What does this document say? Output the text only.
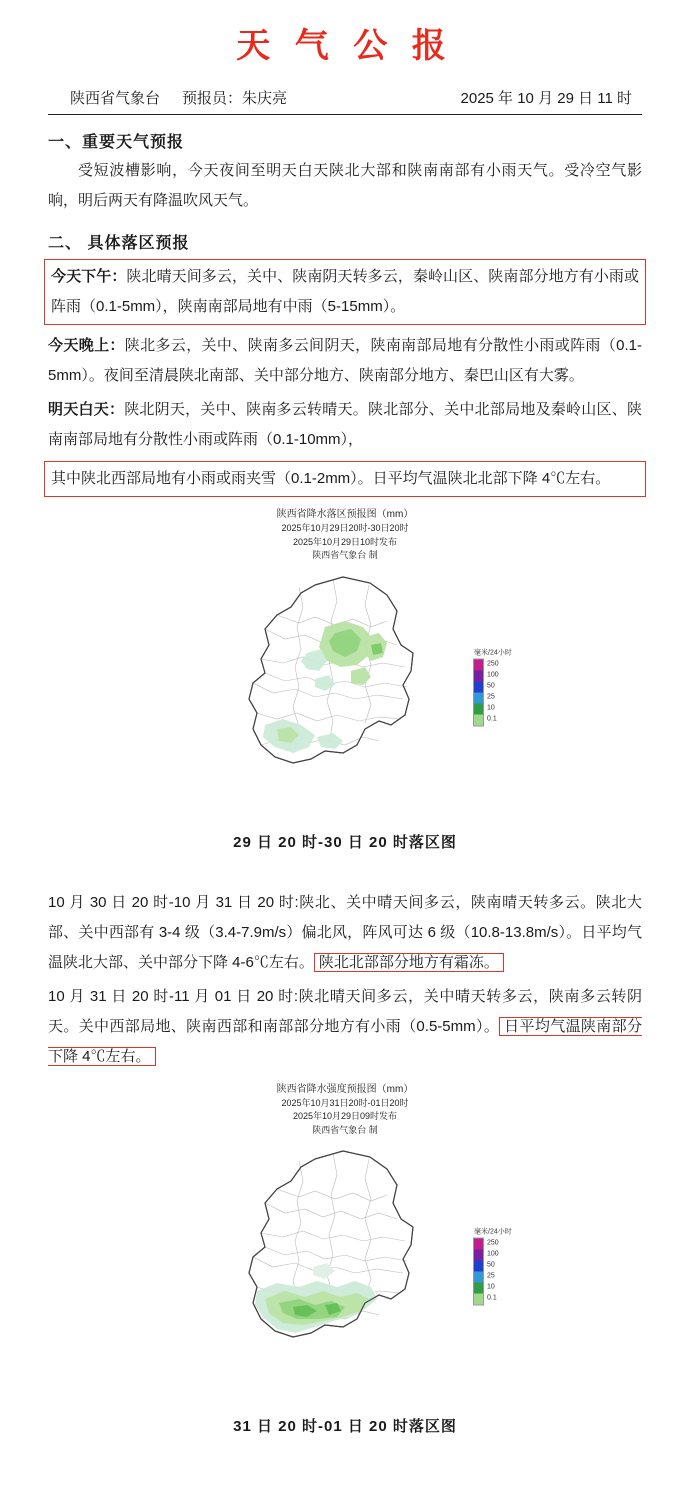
天 气 公 报
陕西省气象台	预报员：朱庆亮	2025 年 10 月 29 日 11 时
一、重要天气预报
受短波槽影响，今天夜间至明天白天陕北大部和陕南南部有小雨天气。受冷空气影响，明后两天有降温吹风天气。
二、 具体落区预报
今天下午：陕北晴天间多云，关中、陕南阴天转多云，秦岭山区、陕南部分地方有小雨或阵雨（0.1-5mm），陕南南部局地有中雨（5-15mm）。
今天晚上：陕北多云，关中、陕南多云间阴天，陕南南部局地有分散性小雨或阵雨（0.1-5mm）。夜间至清晨陕北南部、关中部分地方、陕南部分地方、秦巴山区有大雾。
明天白天：陕北阴天，关中、陕南多云转晴天。陕北部分、关中北部局地及秦岭山区、陕南南部局地有分散性小雨或阵雨（0.1-10mm），
其中陕北西部局地有小雨或雨夹雪（0.1-2mm）。日平均气温陕北北部下降 4℃左右。
陕西省降水落区预报图（mm）
2025年10月29日20时-30日20时
2025年10月29日10时发布
陕西省气象台 制
毫米/24小时
250
100
50
25
10
0.1
29 日 20 时-30 日 20 时落区图
10 月 30 日 20 时-10 月 31 日 20 时:陕北、关中晴天间多云，陕南晴天转多云。陕北大部、关中西部有 3-4 级（3.4-7.9m/s）偏北风，阵风可达 6 级（10.8-13.8m/s）。日平均气温陕北大部、关中部分下降 4-6℃左右。 陕北北部部分地方有霜冻。
10 月 31 日 20 时-11 月 01 日 20 时:陕北晴天间多云，关中晴天转多云，陕南多云转阴天。关中西部局地、陕南西部和南部部分地方有小雨（0.5-5mm）。 日平均气温陕南部分下降 4℃左右。
陕西省降水强度预报图（mm）
2025年10月31日20时-01日20时
2025年10月29日09时发布
陕西省气象台 制
毫米/24小时
250
100
50
25
10
0.1
31 日 20 时-01 日 20 时落区图
